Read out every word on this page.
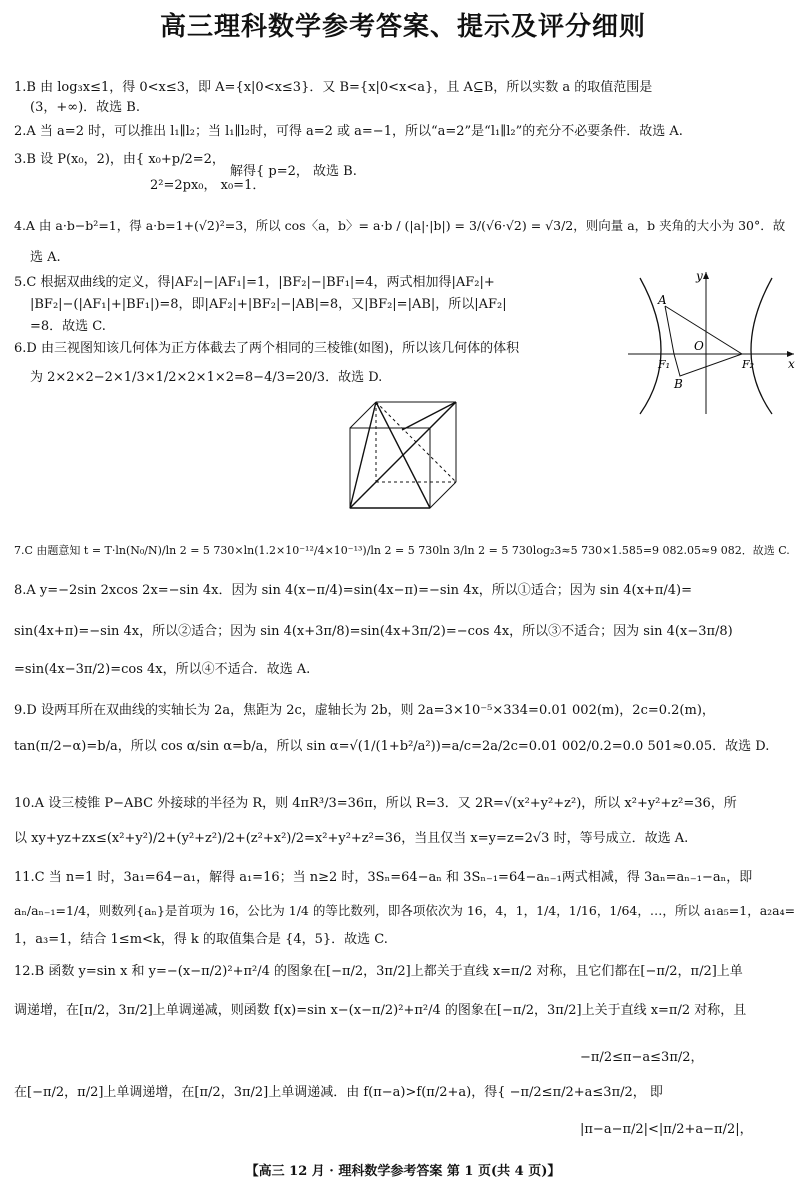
高三理科数学参考答案、提示及评分细则
1.B 由 log₃x≤1，得 0<x≤3，即 A={x|0<x≤3}．又 B={x|0<x<a}，且 A⊆B，所以实数 a 的取值范围是
(3，+∞)．故选 B.
2.A 当 a=2 时，可以推出 l₁∥l₂；当 l₁∥l₂时，可得 a=2 或 a=−1，所以“a=2”是“l₁∥l₂”的充分不必要条件．故选 A.
3.B 设 P(x₀，2)，由{ x₀+p/2=2，
解得{ p=2， 故选 B.
2²=2px₀， x₀=1．
4.A 由 a·b−b²=1，得 a·b=1+(√2)²=3，所以 cos〈a，b〉= a·b / (|a|·|b|) = 3/(√6·√2) = √3/2，则向量 a，b 夹角的大小为 30°．故
选 A.
5.C 根据双曲线的定义，得|AF₂|−|AF₁|=1，|BF₂|−|BF₁|=4，两式相加得|AF₂|+
|BF₂|−(|AF₁|+|BF₁|)=8，即|AF₂|+|BF₂|−|AB|=8，又|BF₂|=|AB|，所以|AF₂|
=8．故选 C.
6.D 由三视图知该几何体为正方体截去了两个相同的三棱锥(如图)，所以该几何体的体积
为 2×2×2−2×1/3×1/2×2×1×2=8−4/3=20/3．故选 D.
A
B
F₁	F₂
O
y
x
7.C 由题意知 t = T·ln(N₀/N)/ln 2 = 5 730×ln(1.2×10⁻¹²/4×10⁻¹³)/ln 2 = 5 730ln 3/ln 2 = 5 730log₂3≈5 730×1.585=9 082.05≈9 082．故选 C.
8.A y=−2sin 2xcos 2x=−sin 4x．因为 sin 4(x−π/4)=sin(4x−π)=−sin 4x，所以①适合；因为 sin 4(x+π/4)=
sin(4x+π)=−sin 4x，所以②适合；因为 sin 4(x+3π/8)=sin(4x+3π/2)=−cos 4x，所以③不适合；因为 sin 4(x−3π/8)
=sin(4x−3π/2)=cos 4x，所以④不适合．故选 A.
9.D 设两耳所在双曲线的实轴长为 2a，焦距为 2c，虚轴长为 2b，则 2a=3×10⁻⁵×334=0.01 002(m)，2c=0.2(m)，
tan(π/2−α)=b/a，所以 cos α/sin α=b/a，所以 sin α=√(1/(1+b²/a²))=a/c=2a/2c=0.01 002/0.2=0.0 501≈0.05．故选 D.
10.A 设三棱锥 P−ABC 外接球的半径为 R，则 4πR³/3=36π，所以 R=3．又 2R=√(x²+y²+z²)，所以 x²+y²+z²=36，所
以 xy+yz+zx≤(x²+y²)/2+(y²+z²)/2+(z²+x²)/2=x²+y²+z²=36，当且仅当 x=y=z=2√3 时，等号成立．故选 A.
11.C 当 n=1 时，3a₁=64−a₁，解得 a₁=16；当 n≥2 时，3Sₙ=64−aₙ 和 3Sₙ₋₁=64−aₙ₋₁两式相减，得 3aₙ=aₙ₋₁−aₙ，即
aₙ/aₙ₋₁=1/4，则数列{aₙ}是首项为 16，公比为 1/4 的等比数列，即各项依次为 16，4，1，1/4，1/16，1/64，…，所以 a₁a₅=1，a₂a₄=
1，a₃=1，结合 1≤m<k，得 k 的取值集合是 {4，5}．故选 C.
12.B 函数 y=sin x 和 y=−(x−π/2)²+π²/4 的图象在[−π/2，3π/2]上都关于直线 x=π/2 对称，且它们都在[−π/2，π/2]上单
调递增，在[π/2，3π/2]上单调递减，则函数 f(x)=sin x−(x−π/2)²+π²/4 的图象在[−π/2，3π/2]上关于直线 x=π/2 对称，且
−π/2≤π−a≤3π/2，
在[−π/2，π/2]上单调递增，在[π/2，3π/2]上单调递减．由 f(π−a)>f(π/2+a)，得{ −π/2≤π/2+a≤3π/2， 即
|π−a−π/2|<|π/2+a−π/2|，
【高三 12 月 · 理科数学参考答案 第 1 页(共 4 页)】
